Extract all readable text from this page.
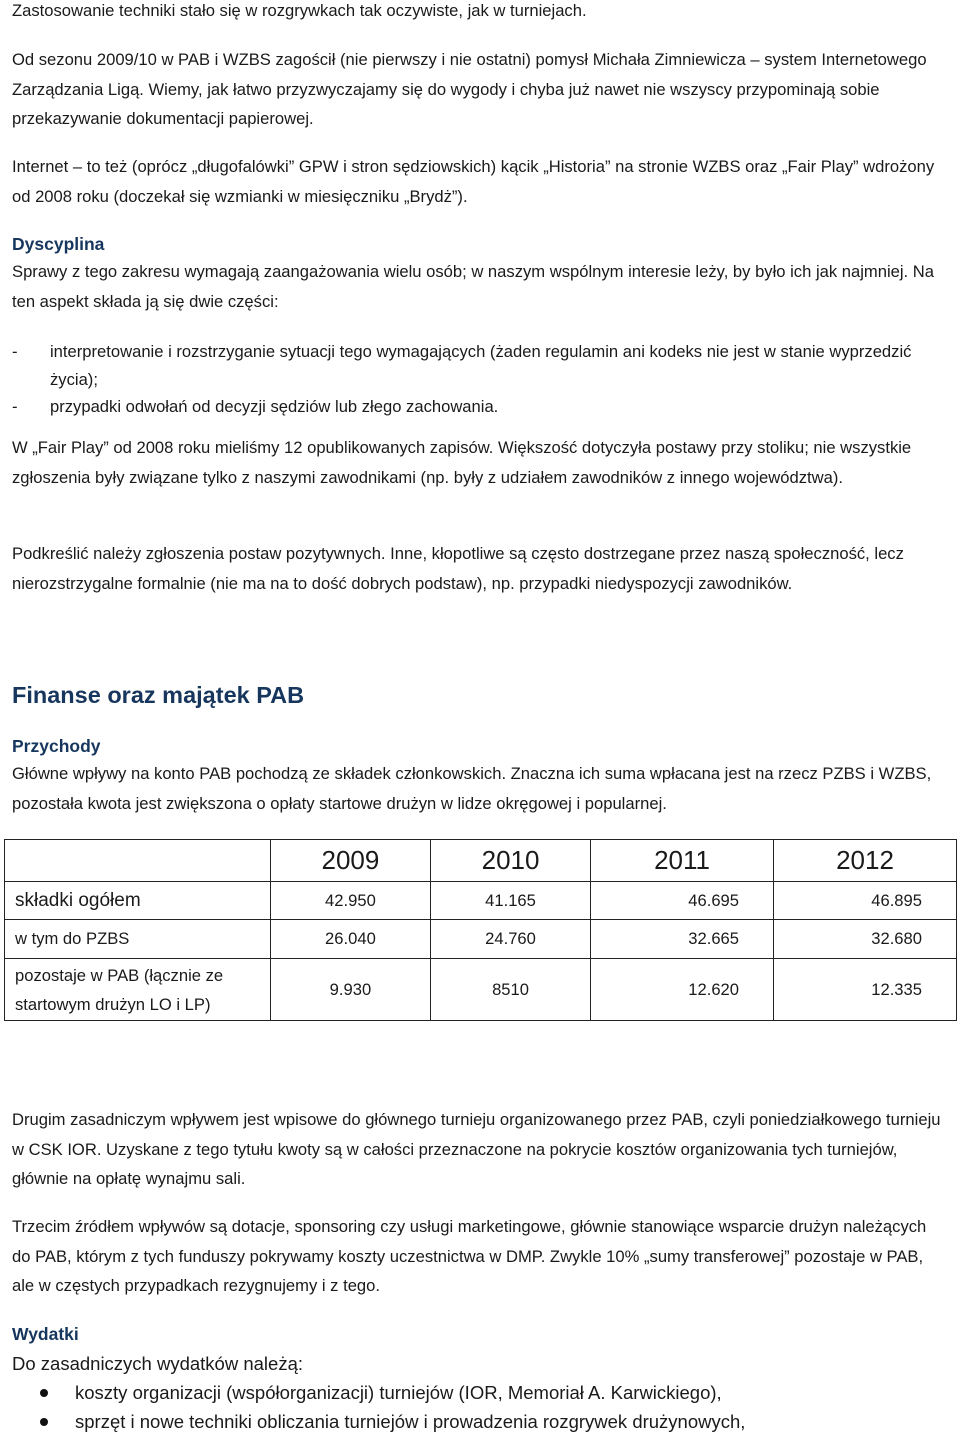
Zastosowanie techniki stało się w rozgrywkach tak oczywiste, jak w turniejach.

Od sezonu 2009/10 w PAB i WZBS zagościł (nie pierwszy i nie ostatni) pomysł Michała Zimniewicza – system Internetowego Zarządzania Ligą. Wiemy, jak łatwo przyzwyczajamy się do wygody i chyba już nawet nie wszyscy przypominają sobie przekazywanie dokumentacji papierowej.

Internet – to też (oprócz „długofalówki” GPW i stron sędziowskich) kącik „Historia” na stronie WZBS oraz „Fair Play” wdrożony od 2008 roku (doczekał się wzmianki w miesięczniku „Brydż”).

Dyscyplina

Sprawy z tego zakresu wymagają zaangażowania wielu osób; w naszym wspólnym interesie leży, by było ich jak najmniej. Na ten aspekt składa ją się dwie części:

- interpretowanie i rozstrzyganie sytuacji tego wymagających (żaden regulamin ani kodeks nie jest w stanie wyprzedzić życia);
- przypadki odwołań od decyzji sędziów lub złego zachowania.

W „Fair Play” od 2008 roku mieliśmy 12 opublikowanych zapisów. Większość dotyczyła postawy przy stoliku; nie wszystkie zgłoszenia były związane tylko z naszymi zawodnikami (np. były z udziałem zawodników z innego województwa).

Podkreślić należy zgłoszenia postaw pozytywnych. Inne, kłopotliwe są często dostrzegane przez naszą społeczność, lecz nierozstrzygalne formalnie (nie ma na to dość dobrych podstaw), np. przypadki niedyspozycji zawodników.

Finanse oraz majątek PAB
Przychody

Główne wpływy na konto PAB pochodzą ze składek członkowskich. Znaczna ich suma wpłacana jest na rzecz PZBS i WZBS, pozostała kwota jest zwiększona o opłaty startowe drużyn w lidze okręgowej i popularnej.

Drugim zasadniczym wpływem jest wpisowe do głównego turnieju organizowanego przez PAB, czyli poniedziałkowego turnieju w CSK IOR. Uzyskane z tego tytułu kwoty są w całości przeznaczone na pokrycie kosztów organizowania tych turniejów, głównie na opłatę wynajmu sali.

Trzecim źródłem wpływów są dotacje, sponsoring czy usługi marketingowe, głównie stanowiące wsparcie drużyn należących do PAB, którym z tych funduszy pokrywamy koszty uczestnictwa w DMP. Zwykle 10% „sumy transferowej” pozostaje w PAB, ale w częstych przypadkach rezygnujemy i z tego.

Wydatki

Do zasadniczych wydatków należą:

koszty organizacji (współorganizacji) turniejów (IOR, Memoriał A. Karwickiego),
sprzęt i nowe techniki obliczania turniejów i prowadzenia rozgrywek drużynowych,
	2009	2010	2011	2012
składki ogółem	42.950	41.165	46.695	46.895
w tym do PZBS	26.040	24.760	32.665	32.680
pozostaje w PAB (łącznie ze startowym drużyn LO i LP)	9.930	8510	12.620	12.335
